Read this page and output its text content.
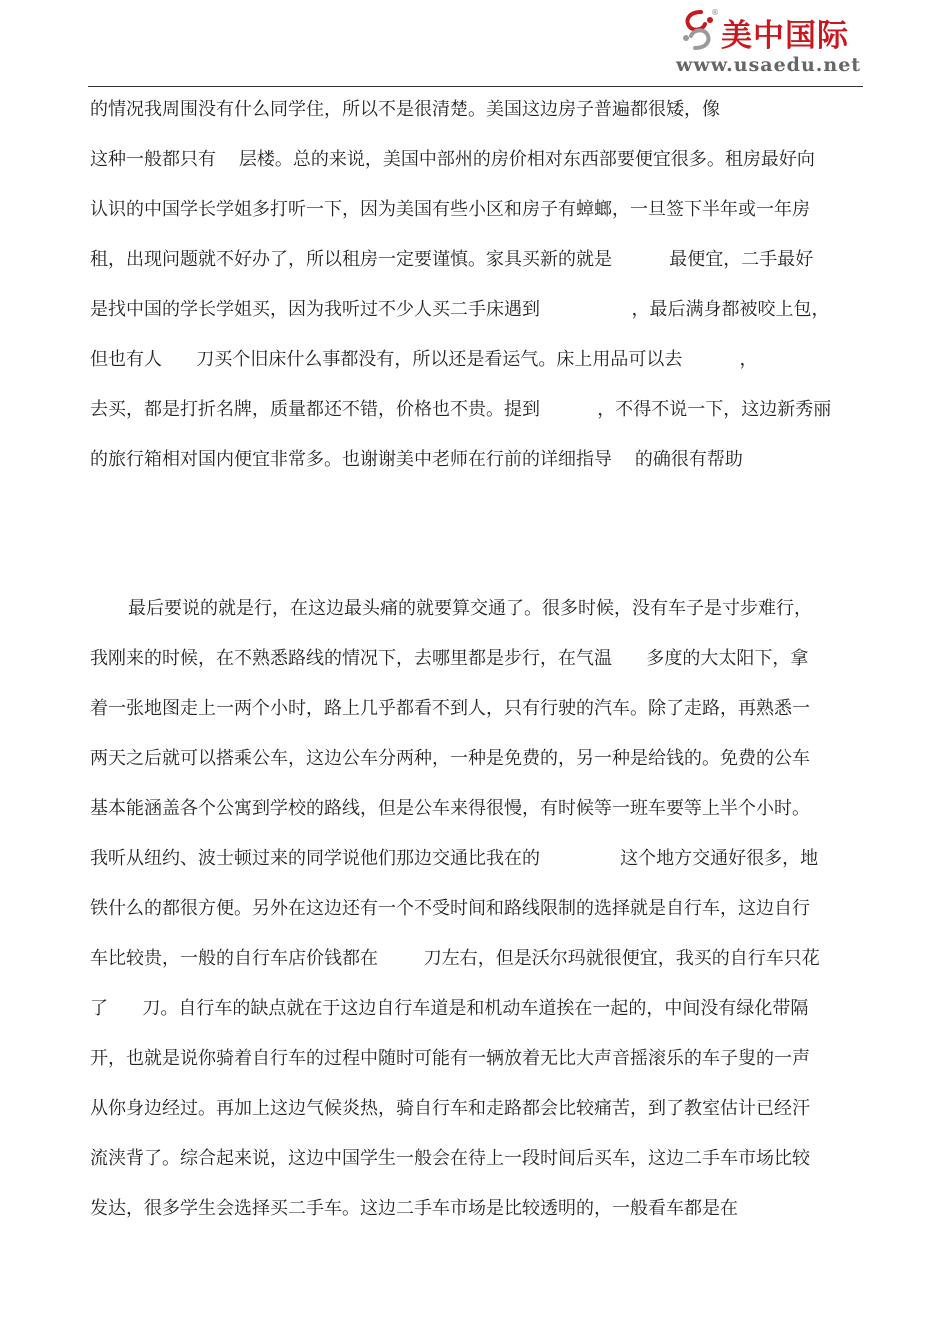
®
美中国际
www.usaedu.net
的情况我周围没有什么同学住，所以不是很清楚。美国这边房子普遍都很矮，像
这种一般都只有    层楼。总的来说，美国中部州的房价相对东西部要便宜很多。租房最好向
认识的中国学长学姐多打听一下，因为美国有些小区和房子有蟑螂，一旦签下半年或一年房
租，出现问题就不好办了，所以租房一定要谨慎。家具买新的就是          最便宜，二手最好
是找中国的学长学姐买，因为我听过不少人买二手床遇到                ，最后满身都被咬上包，
但也有人      刀买个旧床什么事都没有，所以还是看运气。床上用品可以去          ，
去买，都是打折名牌，质量都还不错，价格也不贵。提到          ，不得不说一下，这边新秀丽
的旅行箱相对国内便宜非常多。也谢谢美中老师在行前的详细指导    的确很有帮助
最后要说的就是行，在这边最头痛的就要算交通了。很多时候，没有车子是寸步难行，
我刚来的时候，在不熟悉路线的情况下，去哪里都是步行，在气温      多度的大太阳下，拿
着一张地图走上一两个小时，路上几乎都看不到人，只有行驶的汽车。除了走路，再熟悉一
两天之后就可以搭乘公车，这边公车分两种，一种是免费的，另一种是给钱的。免费的公车
基本能涵盖各个公寓到学校的路线，但是公车来得很慢，有时候等一班车要等上半个小时。
我听从纽约、波士顿过来的同学说他们那边交通比我在的              这个地方交通好很多，地
铁什么的都很方便。另外在这边还有一个不受时间和路线限制的选择就是自行车，这边自行
车比较贵，一般的自行车店价钱都在        刀左右，但是沃尔玛就很便宜，我买的自行车只花
了      刀。自行车的缺点就在于这边自行车道是和机动车道挨在一起的，中间没有绿化带隔
开，也就是说你骑着自行车的过程中随时可能有一辆放着无比大声音摇滚乐的车子叟的一声
从你身边经过。再加上这边气候炎热，骑自行车和走路都会比较痛苦，到了教室估计已经汗
流浃背了。综合起来说，这边中国学生一般会在待上一段时间后买车，这边二手车市场比较
发达，很多学生会选择买二手车。这边二手车市场是比较透明的，一般看车都是在
